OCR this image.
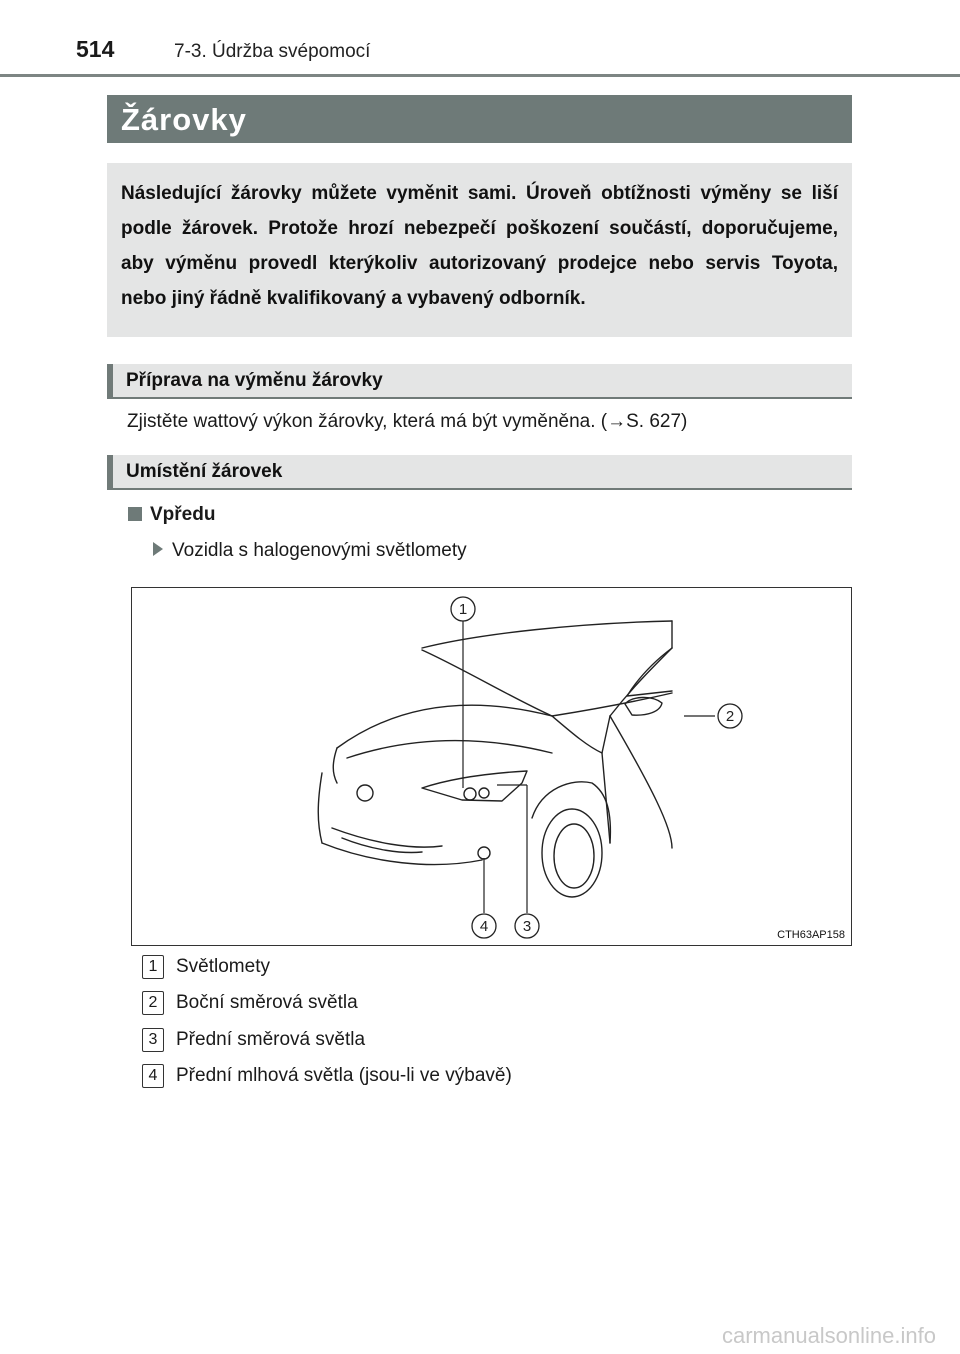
514	7-3. Údržba svépomocí
Žárovky
Následující žárovky můžete vyměnit sami. Úroveň obtížnosti výměny se liší podle žárovek. Protože hrozí nebezpečí poškození součástí, doporučujeme, aby výměnu provedl kterýkoliv autorizovaný prodejce nebo servis Toyota, nebo jiný řádně kvalifikovaný a vybavený odborník.
Příprava na výměnu žárovky
Zjistěte wattový výkon žárovky, která má být vyměněna. (→S. 627)
Umístění žárovek
Vpředu
Vozidla s halogenovými světlomety
1
2
3
4	CTH63AP158
1 Světlomety
2 Boční směrová světla
3 Přední směrová světla
4 Přední mlhová světla (jsou-li ve výbavě)
carmanualsonline.info
